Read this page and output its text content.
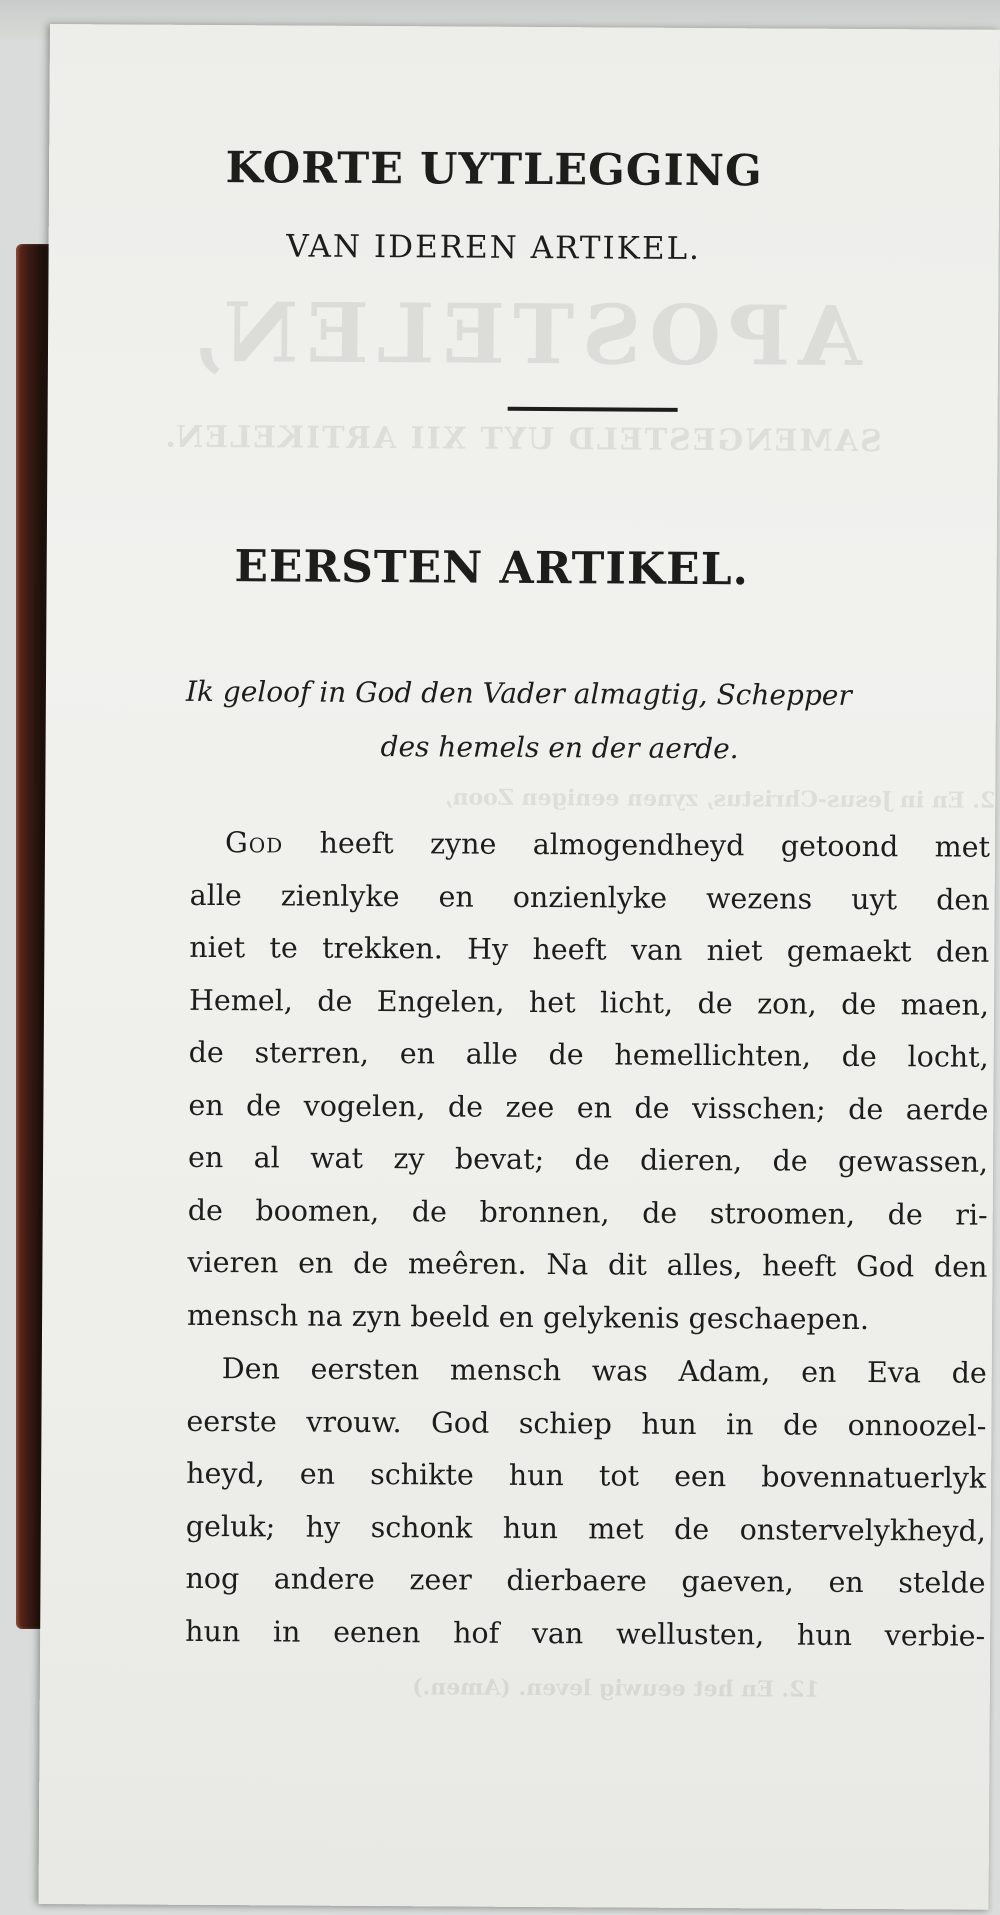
APOSTELEN,
SAMENGESTELD UYT XII ARTIKELEN.
2. En in Jesus-Christus, zynen eenigen Zoon,
12. En het eeuwig leven. (Amen.)
KORTE UYTLEGGING
VAN IDEREN ARTIKEL.
EERSTEN ARTIKEL.

Ik geloof in God den Vader almagtig, Schepper
des hemels en der aerde.

God heeft zyne almogendheyd getoond met
alle zienlyke en onzienlyke wezens uyt den
niet te trekken. Hy heeft van niet gemaekt den
Hemel, de Engelen, het licht, de zon, de maen,
de sterren, en alle de hemellichten, de locht,
en de vogelen, de zee en de visschen; de aerde
en al wat zy bevat; de dieren, de gewassen,
de boomen, de bronnen, de stroomen, de ri-
vieren en de meêren. Na dit alles, heeft God den
mensch na zyn beeld en gelykenis geschaepen.

Den eersten mensch was Adam, en Eva de
eerste vrouw. God schiep hun in de onnoozel-
heyd, en schikte hun tot een bovennatuerlyk
geluk; hy schonk hun met de onstervelykheyd,
nog andere zeer dierbaere gaeven, en stelde
hun in eenen hof van wellusten, hun verbie-
